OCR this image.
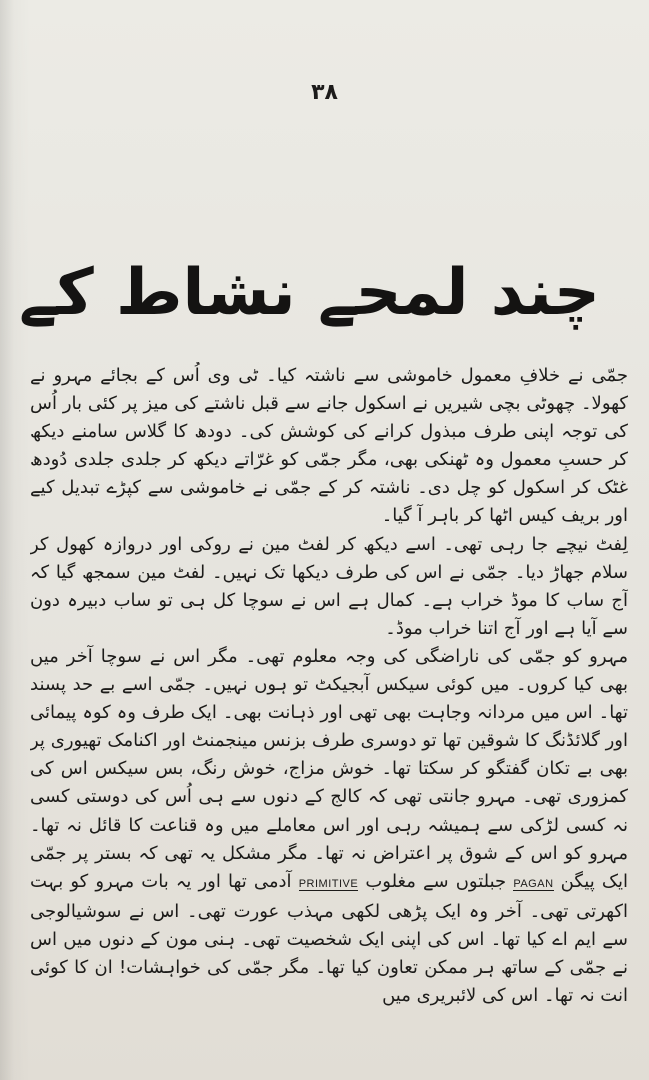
۳۸
چند لمحے نشاط کے

جمّی نے خلافِ معمول خاموشی سے ناشتہ کیا۔ ٹی وی اُس کے بجائے مہرو نے کھولا۔ چھوٹی بچی شیریں نے اسکول جانے سے قبل ناشتے کی میز پر کئی بار اُس کی توجہ اپنی طرف مبذول کرانے کی کوشش کی۔ دودھ کا گلاس سامنے دیکھ کر حسبِ معمول وہ ٹھنکی بھی، مگر جمّی کو غرّاتے دیکھ کر جلدی جلدی دُودھ غٹک کر اسکول کو چل دی۔ ناشتہ کر کے جمّی نے خاموشی سے کپڑے تبدیل کیے اور بریف کیس اٹھا کر باہر آ گیا۔

لِفٹ نیچے جا رہی تھی۔ اسے دیکھ کر لفٹ مین نے روکی اور دروازہ کھول کر سلام جھاڑ دیا۔ جمّی نے اس کی طرف دیکھا تک نہیں۔ لفٹ مین سمجھ گیا کہ آج ساب کا موڈ خراب ہے۔ کمال ہے اس نے سوچا کل ہی تو ساب دبیرہ دون سے آیا ہے اور آج اتنا خراب موڈ۔

مہرو کو جمّی کی ناراضگی کی وجہ معلوم تھی۔ مگر اس نے سوچا آخر میں بھی کیا کروں۔ میں کوئی سیکس آبجیکٹ تو ہوں نہیں۔ جمّی اسے بے حد پسند تھا۔ اس میں مردانہ وجاہت بھی تھی اور ذہانت بھی۔ ایک طرف وہ کوہ پیمائی اور گلائڈنگ کا شوقین تھا تو دوسری طرف بزنس مینجمنٹ اور اکنامک تھیوری پر بھی بے تکان گفتگو کر سکتا تھا۔ خوش مزاج، خوش رنگ، بس سیکس اس کی کمزوری تھی۔ مہرو جانتی تھی کہ کالج کے دنوں سے ہی اُس کی دوستی کسی نہ کسی لڑکی سے ہمیشہ رہی اور اس معاملے میں وہ قناعت کا قائل نہ تھا۔ مہرو کو اس کے شوق پر اعتراض نہ تھا۔ مگر مشکل یہ تھی کہ بستر پر جمّی ایک پیگن PAGAN جبلتوں سے مغلوب PRIMITIVE آدمی تھا اور یہ بات مہرو کو بہت اکھرتی تھی۔ آخر وہ ایک پڑھی لکھی مہذب عورت تھی۔ اس نے سوشیالوجی سے ایم اے کیا تھا۔ اس کی اپنی ایک شخصیت تھی۔ ہنی مون کے دنوں میں اس نے جمّی کے ساتھ ہر ممکن تعاون کیا تھا۔ مگر جمّی کی خواہشات! ان کا کوئی انت نہ تھا۔ اس کی لائبریری میں
